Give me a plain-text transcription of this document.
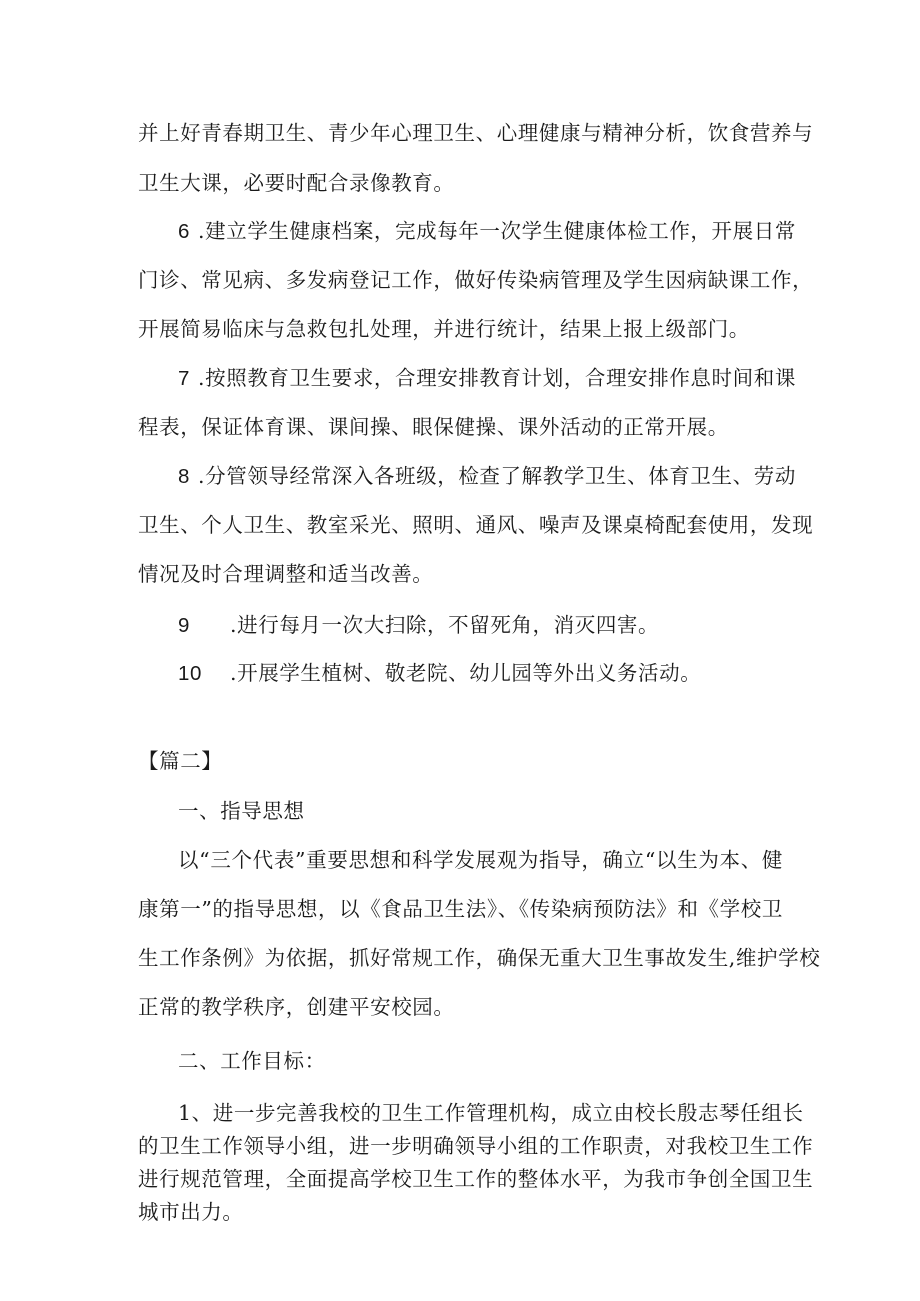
并上好青春期卫生、青少年心理卫生、心理健康与精神分析，饮食营养与
卫生大课，必要时配合录像教育。
6 .建立学生健康档案，完成每年一次学生健康体检工作，开展日常
门诊、常见病、多发病登记工作，做好传染病管理及学生因病缺课工作，
开展简易临床与急救包扎处理，并进行统计，结果上报上级部门。
7 .按照教育卫生要求，合理安排教育计划，合理安排作息时间和课
程表，保证体育课、课间操、眼保健操、课外活动的正常开展。
8 .分管领导经常深入各班级，检查了解教学卫生、体育卫生、劳动
卫生、个人卫生、教室采光、照明、通风、噪声及课桌椅配套使用，发现
情况及时合理调整和适当改善。
9 .进行每月一次大扫除，不留死角，消灭四害。
10 .开展学生植树、敬老院、幼儿园等外出义务活动。
【篇二】
一、指导思想
以“三个代表”重要思想和科学发展观为指导，确立“以生为本、健
康第一”的指导思想，以《食品卫生法》、《传染病预防法》和《学校卫
生工作条例》为依据，抓好常规工作，确保无重大卫生事故发生,维护学校
正常的教学秩序，创建平安校园。
二、工作目标：
1、进一步完善我校的卫生工作管理机构，成立由校长殷志琴任组长
的卫生工作领导小组，进一步明确领导小组的工作职责，对我校卫生工作
进行规范管理，全面提高学校卫生工作的整体水平，为我市争创全国卫生
城市出力。
